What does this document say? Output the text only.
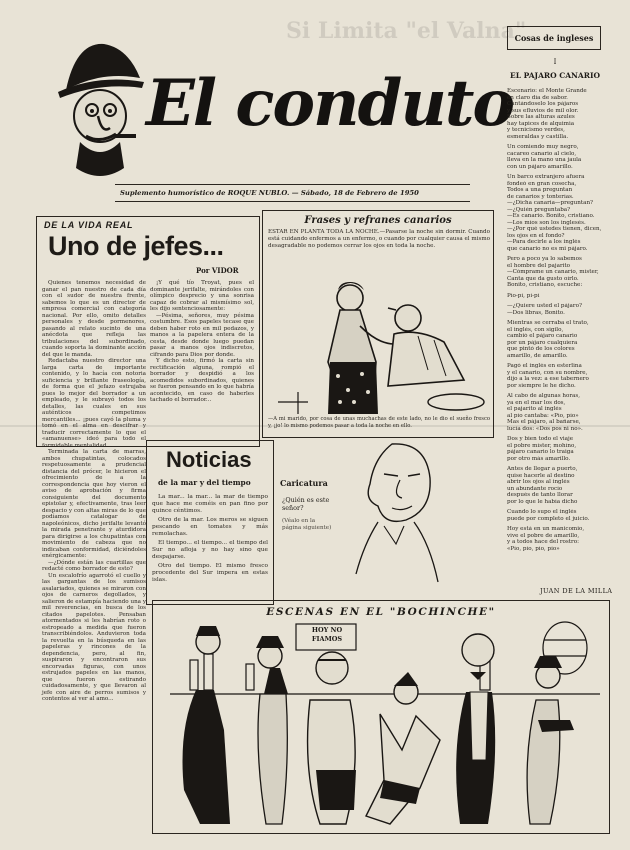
Si Limita "el Valna"
El conduto
Suplemento humorístico de ROQUE NUBLO. — Sábado, 18 de Febrero de 1950
Cosas de ingleses
I
EL PAJARO CANARIO
Escenario: el Monte Grande
en claro día de sabor.
Cantándoselo los pájaros
y sus efluvios de mil olor.
Sobre las alturas azules
hay tapices de alquimia
y tecnicismo verdes,
esmeraldas y castilla.
Un comiendo muy negro,
cacareo canario al cielo,
lleva en la mano una jaula
con un pájaro amarillo.
Un barco extranjero afuera
fondeó en gran cosecha,
Todos a una preguntan
de canarios y tonterías.
—¿Dicha canaria—preguntan?
—¿Quién preguntaba?
—Es canario. Bonito, cristiano.
—Los míos son los inglesés.
—¿Por qué ustedes tienen, dicen,
los ojos en el fondo?
—Para decirle a los inglés
que canario no es mi pájaro.
Pero a poco ya lo sabemos
el hombre del pajarito
—Cómprame un canario, míster,
Canta que da gusto oírlo.
Bonito, cristiano, escuche:
Pío-pí, pí-pí
—¿Quiere usted el pájaro?
—Dos libras, Bonito.
Mientras se cerraba el trato,
el inglés, con sigilo,
cambió el pájaro canario
por un pájaro cualquiera
que pintó de los colores
amarillo, de amarillo.
Pagó el inglés en esterlina
y el canario, con su nombre,
dijo a la vez: a ese tabernero
por siempre le he dicho.
Al cabo de algunas horas,
ya en el mar los dos,
el pajarito al inglés
al pío cantaba: «Pío, pío»
Mas el pájaro, al bañarse,
lucía dos: «Dos pos ni no».
Dos y bien todo el viaje
el pobre míster, mohíno,
pájaro canario lo traiga
por otro más amarillo.
Antes de llegar a puerto,
quise hacerle al destino
abrir los ojos al inglés
un abundante rocío
después de tanto llorar
por lo que le había dicho
Cuando lo supo el inglés
puede por completo el juicio.
Hoy está en un manicomio,
vive el pobre de amarillo,
y a todos hace del rostro:
«Pío, pío, pío, pío»
JUAN DE LA MILLA
DE LA VIDA REAL
Uno de jefes...
Por VIDOR
Quienes tenemos necesidad de ganar el pan nuestro de cada día con el sudor de nuestra frente, sabemos lo que es un director de empresa comercial con categoría nacional. Por ello, omito detalles personales y desde pormenores, pasando al relato sucinto de una anécdota que refleja las tribulaciones del subordinado, cuando soporta la dominante acción del que le manda.
Redactaba nuestro director una larga carta de importante contenido, y lo hacía con notoria suficiencia y brillante fraseología, de forma que el jefazo estrujaba pues lo mejor del borrador a un empleado, y le subrayó todos los detalles, las cuales en sus auténticos competimos mercantiles... ¡pues cayó la pluma y tomó en el alma en descifrar y traducir correctamente lo que el «amanuense» ideó para todo el formidable mentalidad.
Terminada la carta de marras, ambos chupatintas, colocados respetuosamente a prudencial distancia del prócer, le hicieron el ofrecimiento de a la correspondencia que hoy vieron el aviso de aprobación y firma consiguiente del documento epistolar y, efectivamente, tras leer despacio y con altas miras de lo que podíamos catalogar de napoleónicos, dicho jerifalte levantó la mirada penetrante y aturdidora para dirigirse a los chupatintas con movimiento de cabeza que no indicaban conformidad, diciéndoles enérgicamente:
—¿Dónde están las cuartillas que redacté como borrador de esto?
Un escalofrío agarrotó el cuello y las gargantas de los sumisos asalariados, quienes se miraron con ojos de carneros degollados, y salieron de estampía haciendo una y mil reverencias, en busca de los citados papelotes. Pensaban atormentados si les habrían roto o estropeado a medida que fueron transcribiéndolos. Anduvieron toda la revuelta en la búsqueda en las papeleras y rincones de la dependencia, pero, al fin, suspiraron y encontraron sus encorvadas figuras, con unos estrujados papeles en las manos, que fueron estirando cuidadosamente, y que llevaron al jefe con aire de perros sumisos y contentos al ver al amo...
¡Y qué tío Troyat, pues el dominante jerifalte, mirándoles con olímpico desprecio y una sonrisa capaz de cobrar al mismísimo sol, les dijo sentenciosamente:
—Pésima, señores, muy pésima costumbre. Esos papeles tecase que deben haber roto en mil pedazos, y manos a la papelera entera de la cesta, desde donde luego puedan pasar a manos ojos indiscretos, cifrando para Dios por donde.
Y dicho esto, firmó la carta sin rectificación alguna, rompió el borrador y despidió a los acomedidos subordinados, quienes se fueron pensando en lo que habría acontecido, en caso de haberles tachado el borrador...
Frases y refranes canarios
ESTAR EN PLANTA TODA LA NOCHE.—Pasarse la noche sin dormir. Cuando está cuidando enfermos a un enfermo, o cuando por cualquier causa el mismo desagradable no podemos cerrar los ojos en toda la noche.
—A mi marido, por cosa de unas muchachas de este lado, no le dio el sueño fresco y, ¡jo! lo mismo podemos pasar a toda la noche en ello.
Noticias
de la mar y del tiempo
La mar... la mar... la mar de tiempo que hace me coméis en pan fino por quince céntimos.
Otro de la mar. Los meros se siguen pescando en tomates y más remolachas.
El tiempo... el tiempo... el tiempo del Sur no afloja y no hay sino que despajarse.
Otro del tiempo. El mismo fresco procedente del Sur impera en estas islas.
Caricatura
¿Quién es este señor?
(Véalo en la página siguiente)
ESCENAS EN EL "BOCHINCHE"
HOY NO
FIAMOS
